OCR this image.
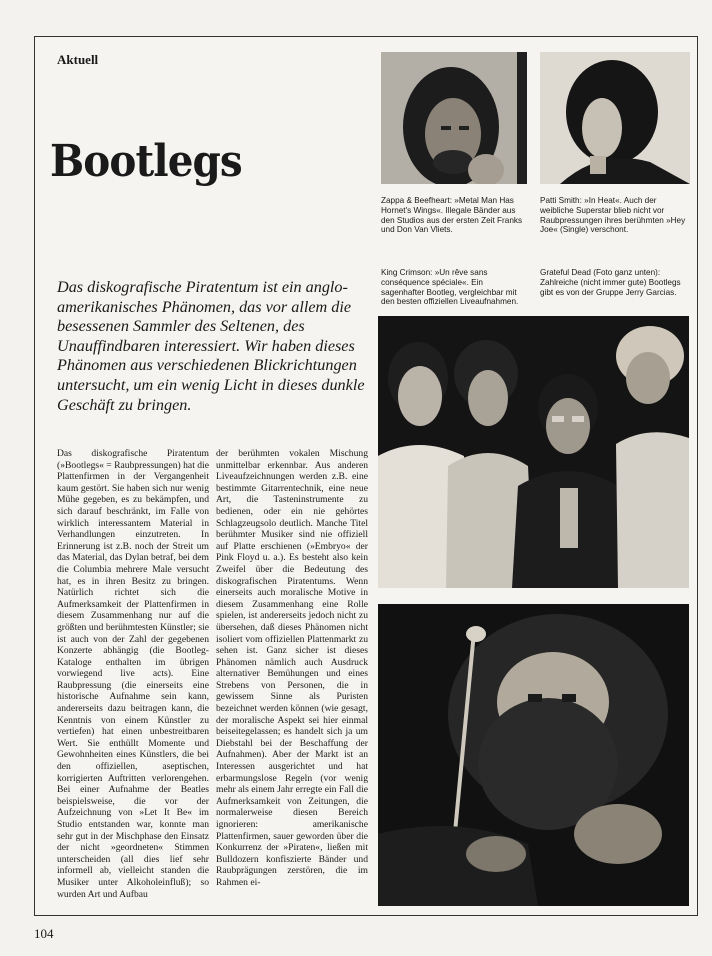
Aktuell
Bootlegs
Das diskografische Piratentum ist ein anglo-amerikanisches Phänomen, das vor allem die besessenen Sammler des Seltenen, des Unauffindbaren interessiert. Wir haben dieses Phänomen aus verschiedenen Blickrichtungen untersucht, um ein wenig Licht in dieses dunkle Geschäft zu bringen.
Das diskografische Piratentum (»Bootlegs« = Raubpressungen) hat die Plattenfirmen in der Vergangenheit kaum gestört. Sie haben sich nur wenig Mühe gegeben, es zu bekämpfen, und sich darauf beschränkt, im Falle von wirklich interessantem Material in Verhandlungen einzutreten. In Erinnerung ist z.B. noch der Streit um das Material, das Dylan betraf, bei dem die Columbia mehrere Male versucht hat, es in ihren Besitz zu bringen. Natürlich richtet sich die Aufmerksamkeit der Plattenfirmen in diesem Zusammenhang nur auf die größten und berühmtesten Künstler; sie ist auch von der Zahl der gegebenen Konzerte abhängig (die Bootleg-Kataloge enthalten im übrigen vorwiegend live acts). Eine Raubpressung (die einerseits eine historische Aufnahme sein kann, andererseits dazu beitragen kann, die Kenntnis von einem Künstler zu vertiefen) hat einen unbestreitbaren Wert. Sie enthüllt Momente und Gewohnheiten eines Künstlers, die bei den offiziellen, aseptischen, korrigierten Auftritten verlorengehen. Bei einer Aufnahme der Beatles beispielsweise, die vor der Aufzeichnung von »Let It Be« im Studio entstanden war, konnte man sehr gut in der Mischphase den Einsatz der nicht »geordneten« Stimmen unterscheiden (all dies lief sehr informell ab, vielleicht standen die Musiker unter Alkoholeinfluß); so wurden Art und Aufbau
der berühmten vokalen Mischung unmittelbar erkennbar. Aus anderen Liveaufzeichnungen werden z.B. eine bestimmte Gitarrentechnik, eine neue Art, die Tasteninstrumente zu bedienen, oder ein nie gehörtes Schlagzeugsolo deutlich. Manche Titel berühmter Musiker sind nie offiziell auf Platte erschienen (»Embryo« der Pink Floyd u. a.). Es besteht also kein Zweifel über die Bedeutung des diskografischen Piratentums. Wenn einerseits auch moralische Motive in diesem Zusammenhang eine Rolle spielen, ist andererseits jedoch nicht zu übersehen, daß dieses Phänomen nicht isoliert vom offiziellen Plattenmarkt zu sehen ist. Ganz sicher ist dieses Phänomen nämlich auch Ausdruck alternativer Bemühungen und eines Strebens von Personen, die in gewissem Sinne als Puristen bezeichnet werden können (wie gesagt, der moralische Aspekt sei hier einmal beiseitegelassen; es handelt sich ja um Diebstahl bei der Beschaffung der Aufnahmen). Aber der Markt ist an Interessen ausgerichtet und hat erbarmungslose Regeln (vor wenig mehr als einem Jahr erregte ein Fall die Aufmerksamkeit von Zeitungen, die normalerweise diesen Bereich ignorieren: amerikanische Plattenfirmen, sauer geworden über die Konkurrenz der »Piraten«, ließen mit Bulldozern konfiszierte Bänder und Raubprägungen zerstören, die im Rahmen ei-
Zappa & Beefheart: »Metal Man Has Hornet's Wings«. Illegale Bänder aus den Studios aus der ersten Zeit Franks und Don Van Vliets.
Patti Smith: »In Heat«. Auch der weibliche Superstar blieb nicht vor Raubpressungen ihres berühmten »Hey Joe« (Single) verschont.
King Crimson: »Un rêve sans conséquence spéciale«. Ein sagenhafter Bootleg, vergleichbar mit den besten offiziellen Liveaufnahmen.
Grateful Dead (Foto ganz unten): Zahlreiche (nicht immer gute) Bootlegs gibt es von der Gruppe Jerry Garcias.
104
